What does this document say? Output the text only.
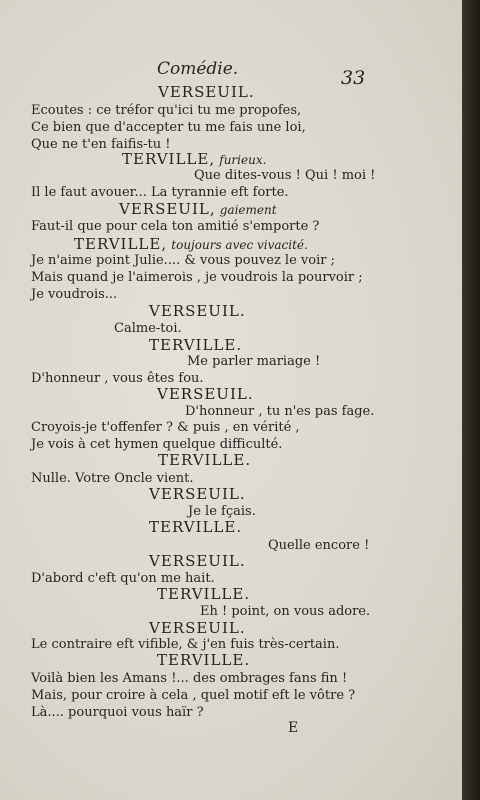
Comédie.	33
VERSEUIL.
Ecoutes : ce tréfor qu'ici tu me propofes,
Ce bien que d'accepter tu me fais une loi,
Que ne t'en faifis-tu !
TERVILLE, furieux.
Que dites-vous ! Qui ! moi !
Il le faut avouer... La tyrannie eft forte.
VERSEUIL, gaiement
Faut-il que pour cela ton amitié s'emporte ?
TERVILLE, toujours avec vivacité.
Je n'aime point Julie.... & vous pouvez le voir ;
Mais quand je l'aimerois , je voudrois la pourvoir ;
Je voudrois...
VERSEUIL.
Calme-toi.
TERVILLE.
Me parler mariage !
D'honneur , vous êtes fou.
VERSEUIL.
D'honneur , tu n'es pas fage.
Croyois-je t'offenfer ? & puis , en vérité ,
Je vois à cet hymen quelque difficulté.
TERVILLE.
Nulle. Votre Oncle vient.
VERSEUIL.
Je le fçais.
TERVILLE.
Quelle encore !
VERSEUIL.
D'abord c'eft qu'on me hait.
TERVILLE.
Eh ! point, on vous adore.
VERSEUIL.
Le contraire eft vifible, & j'en fuis très-certain.
TERVILLE.
Voilà bien les Amans !... des ombrages fans fin !
Mais, pour croire à cela , quel motif eft le vôtre ?
Là.... pourquoi vous haïr ?
E
